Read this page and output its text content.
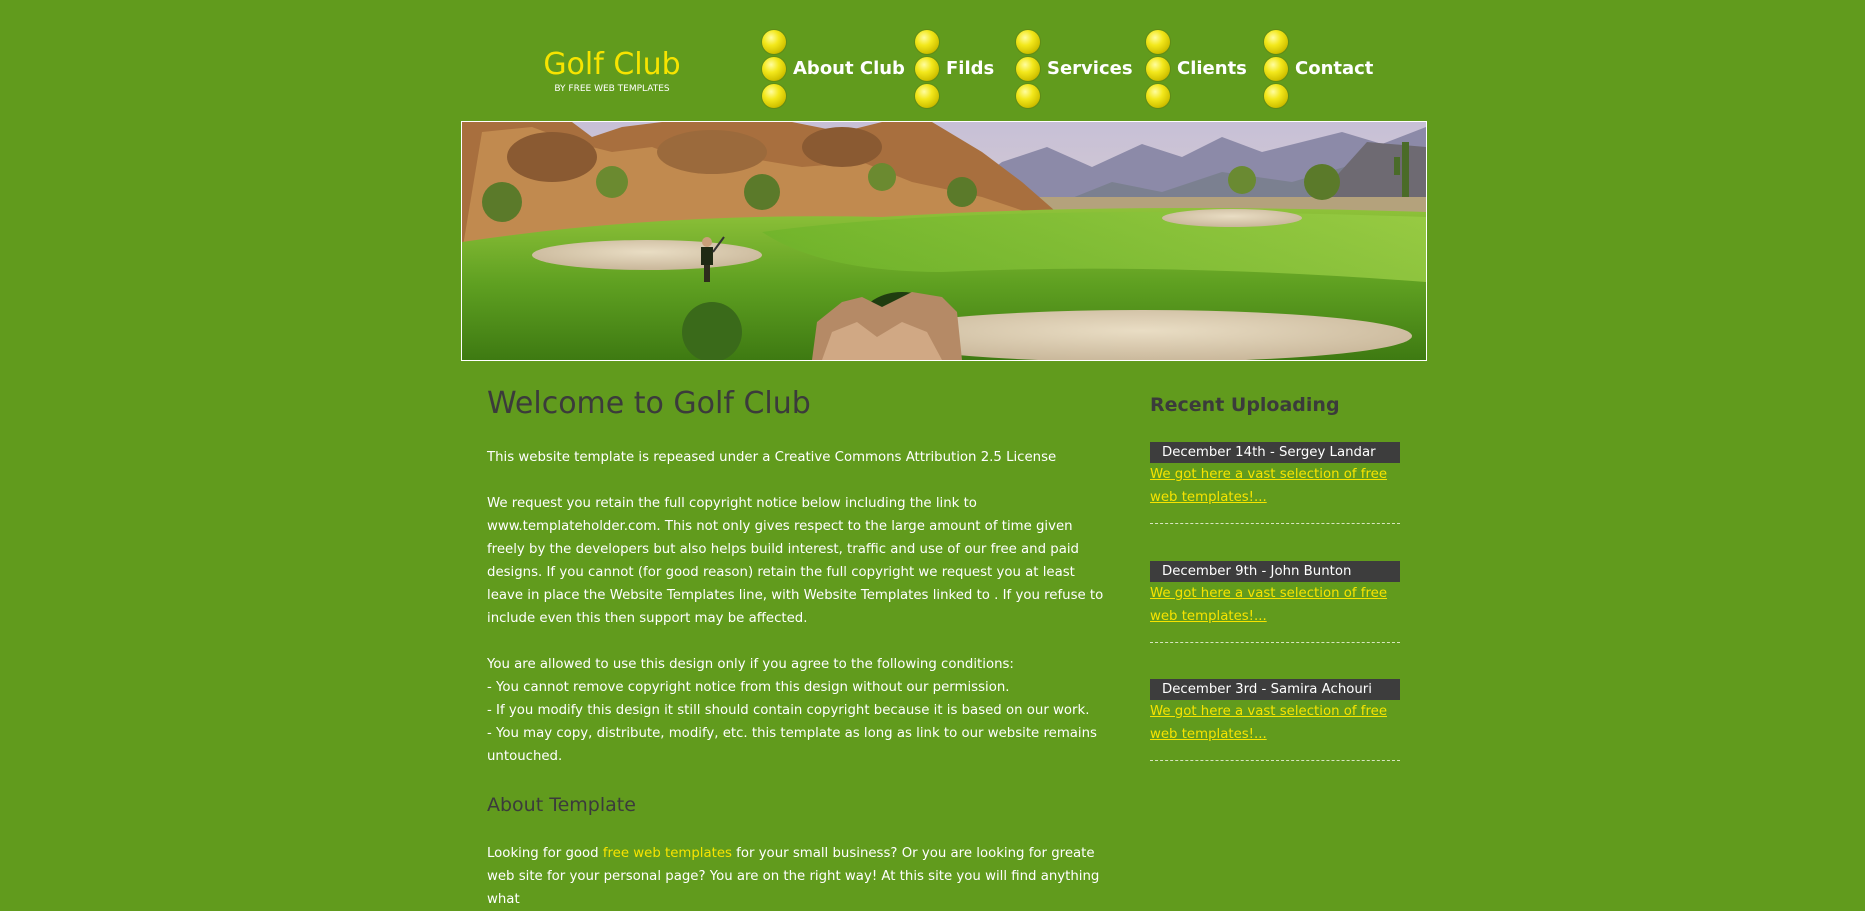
Golf Club
BY FREE WEB TEMPLATES
About Club Filds	Services Clients	Contact
Welcome to Golf Club

This website template is repeased under a Creative Commons Attribution 2.5 License

We request you retain the full copyright notice below including the link to www.templateholder.com. This not only gives respect to the large amount of time given freely by the developers but also helps build interest, traffic and use of our free and paid designs. If you cannot (for good reason) retain the full copyright we request you at least leave in place the Website Templates line, with Website Templates linked to . If you refuse to include even this then support may be affected.

You are allowed to use this design only if you agree to the following conditions:

- You cannot remove copyright notice from this design without our permission.

- If you modify this design it still should contain copyright because it is based on our work.

- You may copy, distribute, modify, etc. this template as long as link to our website remains untouched.

About Template

Looking for good free web templates for your small business? Or you are looking for greate web site for your personal page? You are on the right way! At this site you will find anything what

Recent Uploading
December 14th - Sergey Landar
We got here a vast selection of free web templates!...
December 9th - John Bunton
We got here a vast selection of free web templates!...
December 3rd - Samira Achouri
We got here a vast selection of free web templates!...
